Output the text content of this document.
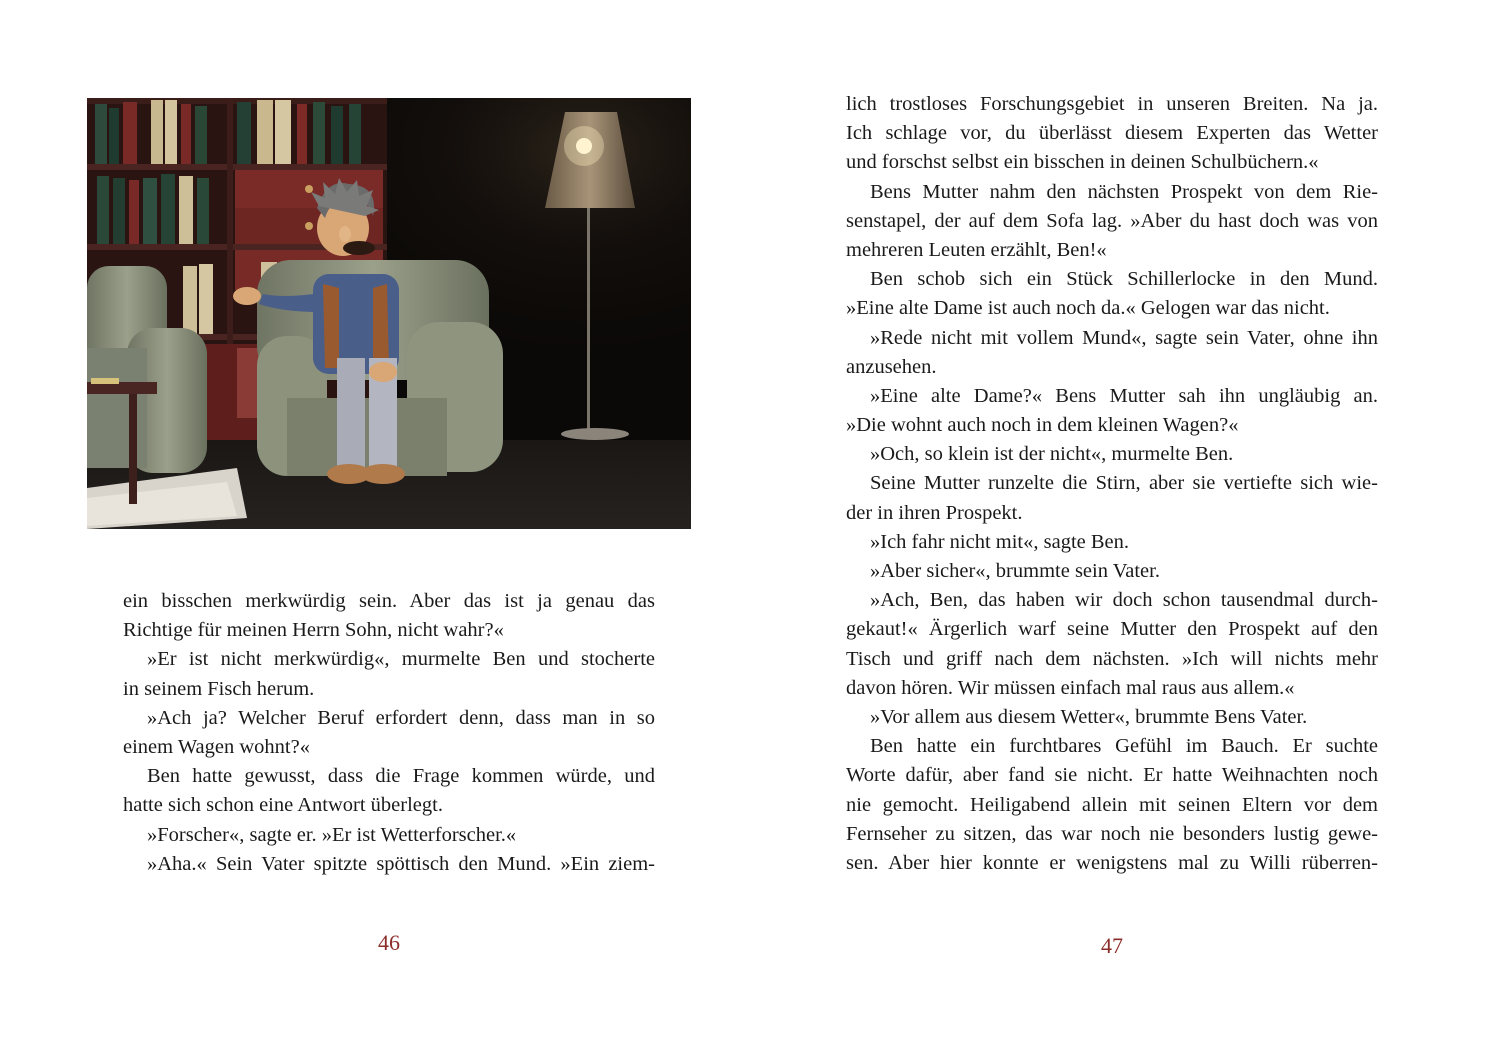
ein bisschen merkwürdig sein. Aber das ist ja genau das
Richtige für meinen Herrn Sohn, nicht wahr?«
»Er ist nicht merkwürdig«, murmelte Ben und stocherte
in seinem Fisch herum.
»Ach ja? Welcher Beruf erfordert denn, dass man in so
einem Wagen wohnt?«
Ben hatte gewusst, dass die Frage kommen würde, und
hatte sich schon eine Antwort überlegt.
»Forscher«, sagte er. »Er ist Wetterforscher.«
»Aha.« Sein Vater spitzte spöttisch den Mund. »Ein ziem-
46
lich trostloses Forschungsgebiet in unseren Breiten. Na ja.
Ich schlage vor, du überlässt diesem Experten das Wetter
und forschst selbst ein bisschen in deinen Schulbüchern.«
Bens Mutter nahm den nächsten Prospekt von dem Rie-
senstapel, der auf dem Sofa lag. »Aber du hast doch was von
mehreren Leuten erzählt, Ben!«
Ben schob sich ein Stück Schillerlocke in den Mund.
»Eine alte Dame ist auch noch da.« Gelogen war das nicht.
»Rede nicht mit vollem Mund«, sagte sein Vater, ohne ihn
anzusehen.
»Eine alte Dame?« Bens Mutter sah ihn ungläubig an.
»Die wohnt auch noch in dem kleinen Wagen?«
»Och, so klein ist der nicht«, murmelte Ben.
Seine Mutter runzelte die Stirn, aber sie vertiefte sich wie-
der in ihren Prospekt.
»Ich fahr nicht mit«, sagte Ben.
»Aber sicher«, brummte sein Vater.
»Ach, Ben, das haben wir doch schon tausendmal durch-
gekaut!« Ärgerlich warf seine Mutter den Prospekt auf den
Tisch und griff nach dem nächsten. »Ich will nichts mehr
davon hören. Wir müssen einfach mal raus aus allem.«
»Vor allem aus diesem Wetter«, brummte Bens Vater.
Ben hatte ein furchtbares Gefühl im Bauch. Er suchte
Worte dafür, aber fand sie nicht. Er hatte Weihnachten noch
nie gemocht. Heiligabend allein mit seinen Eltern vor dem
Fernseher zu sitzen, das war noch nie besonders lustig gewe-
sen. Aber hier konnte er wenigstens mal zu Willi rüberren-
47
